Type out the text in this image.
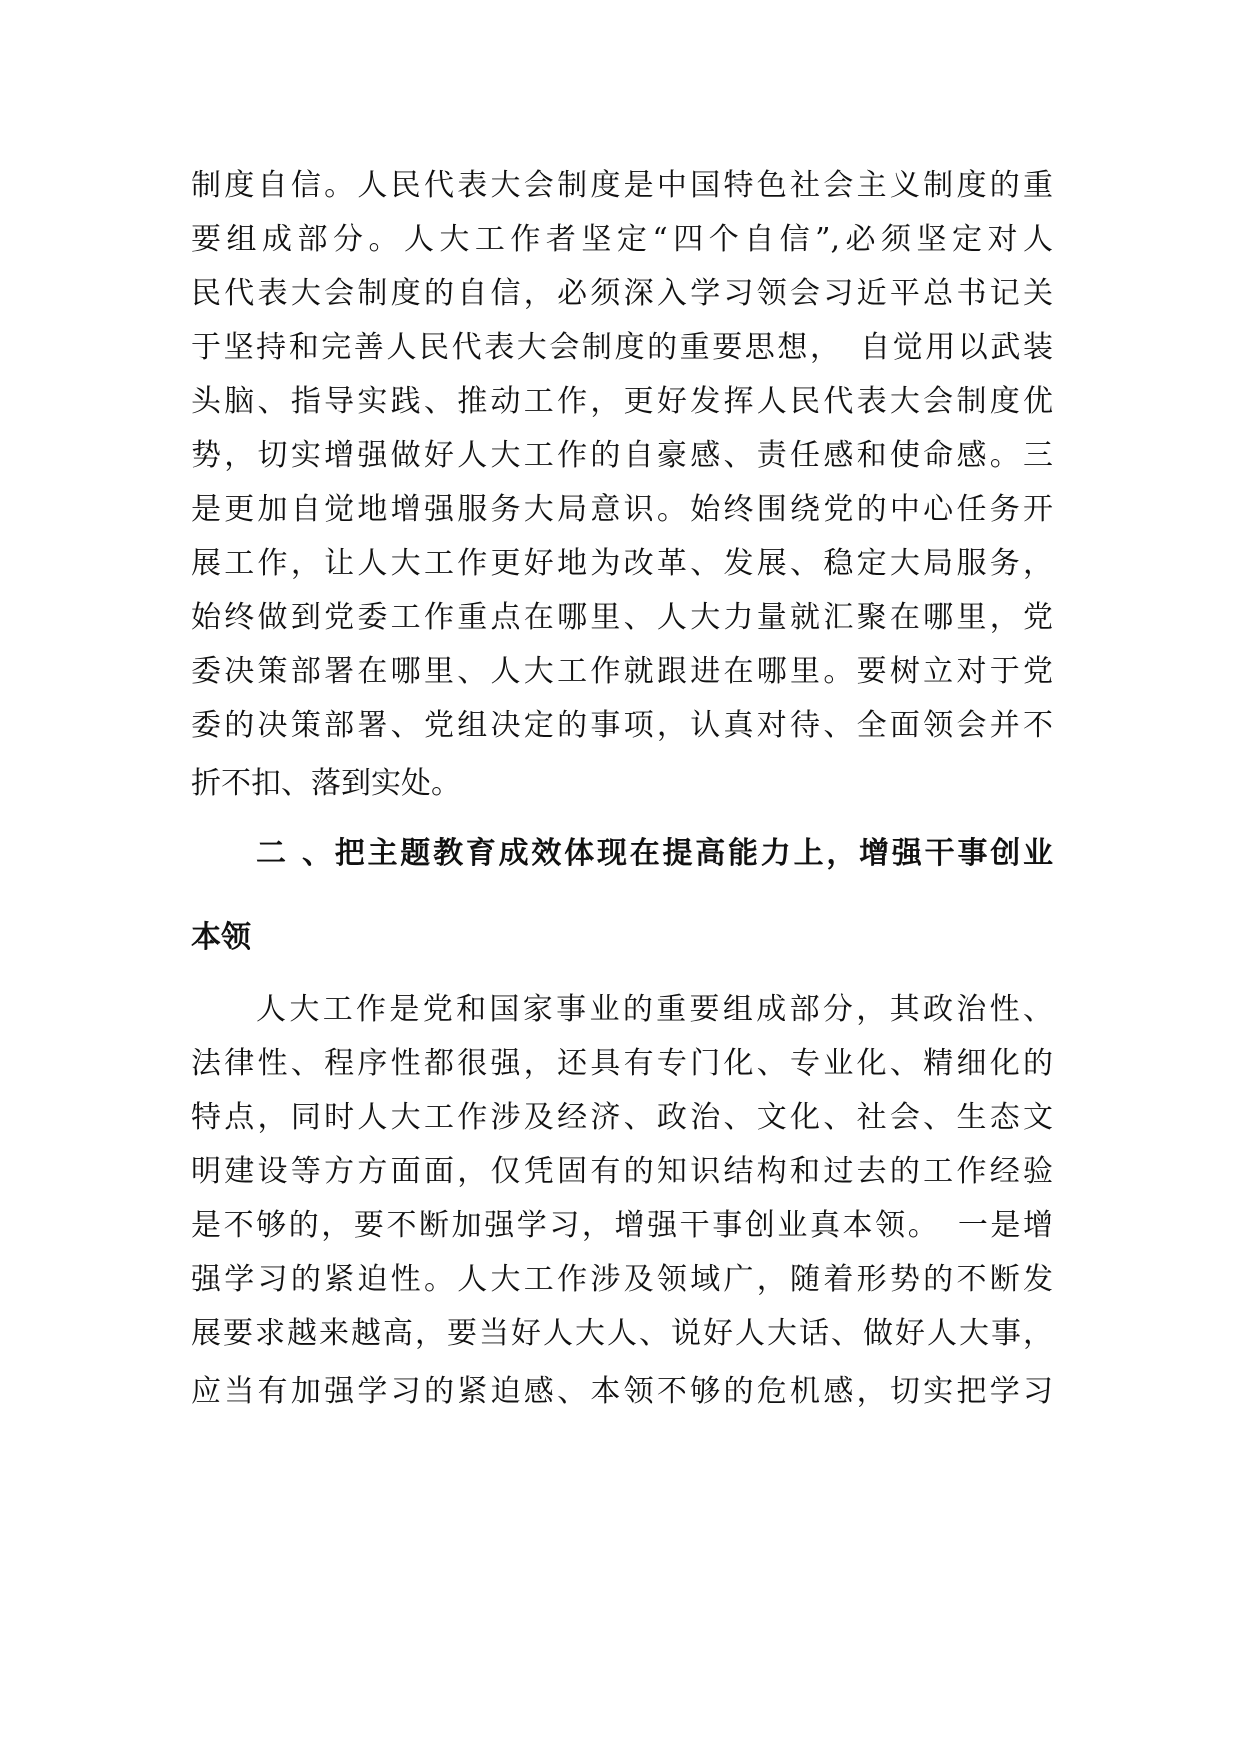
制度自信。人民代表大会制度是中国特色社会主义制度的重
要组成部分。人大工作者坚定“四个自信”,必须坚定对人
民代表大会制度的自信，必须深入学习领会习近平总书记关
于坚持和完善人民代表大会制度的重要思想，　自觉用以武装
头脑、指导实践、推动工作，更好发挥人民代表大会制度优
势，切实增强做好人大工作的自豪感、责任感和使命感。三
是更加自觉地增强服务大局意识。始终围绕党的中心任务开
展工作，让人大工作更好地为改革、发展、稳定大局服务，
始终做到党委工作重点在哪里、人大力量就汇聚在哪里，党
委决策部署在哪里、人大工作就跟进在哪里。要树立对于党
委的决策部署、党组决定的事项，认真对待、全面领会并不
折不扣、落到实处。
二 、把主题教育成效体现在提高能力上，增强干事创业
本领
人大工作是党和国家事业的重要组成部分，其政治性、
法律性、程序性都很强，还具有专门化、专业化、精细化的
特点，同时人大工作涉及经济、政治、文化、社会、生态文
明建设等方方面面，仅凭固有的知识结构和过去的工作经验
是不够的，要不断加强学习，增强干事创业真本领。　一是增
强学习的紧迫性。人大工作涉及领域广，随着形势的不断发
展要求越来越高，要当好人大人、说好人大话、做好人大事，
应当有加强学习的紧迫感、本领不够的危机感，切实把学习
